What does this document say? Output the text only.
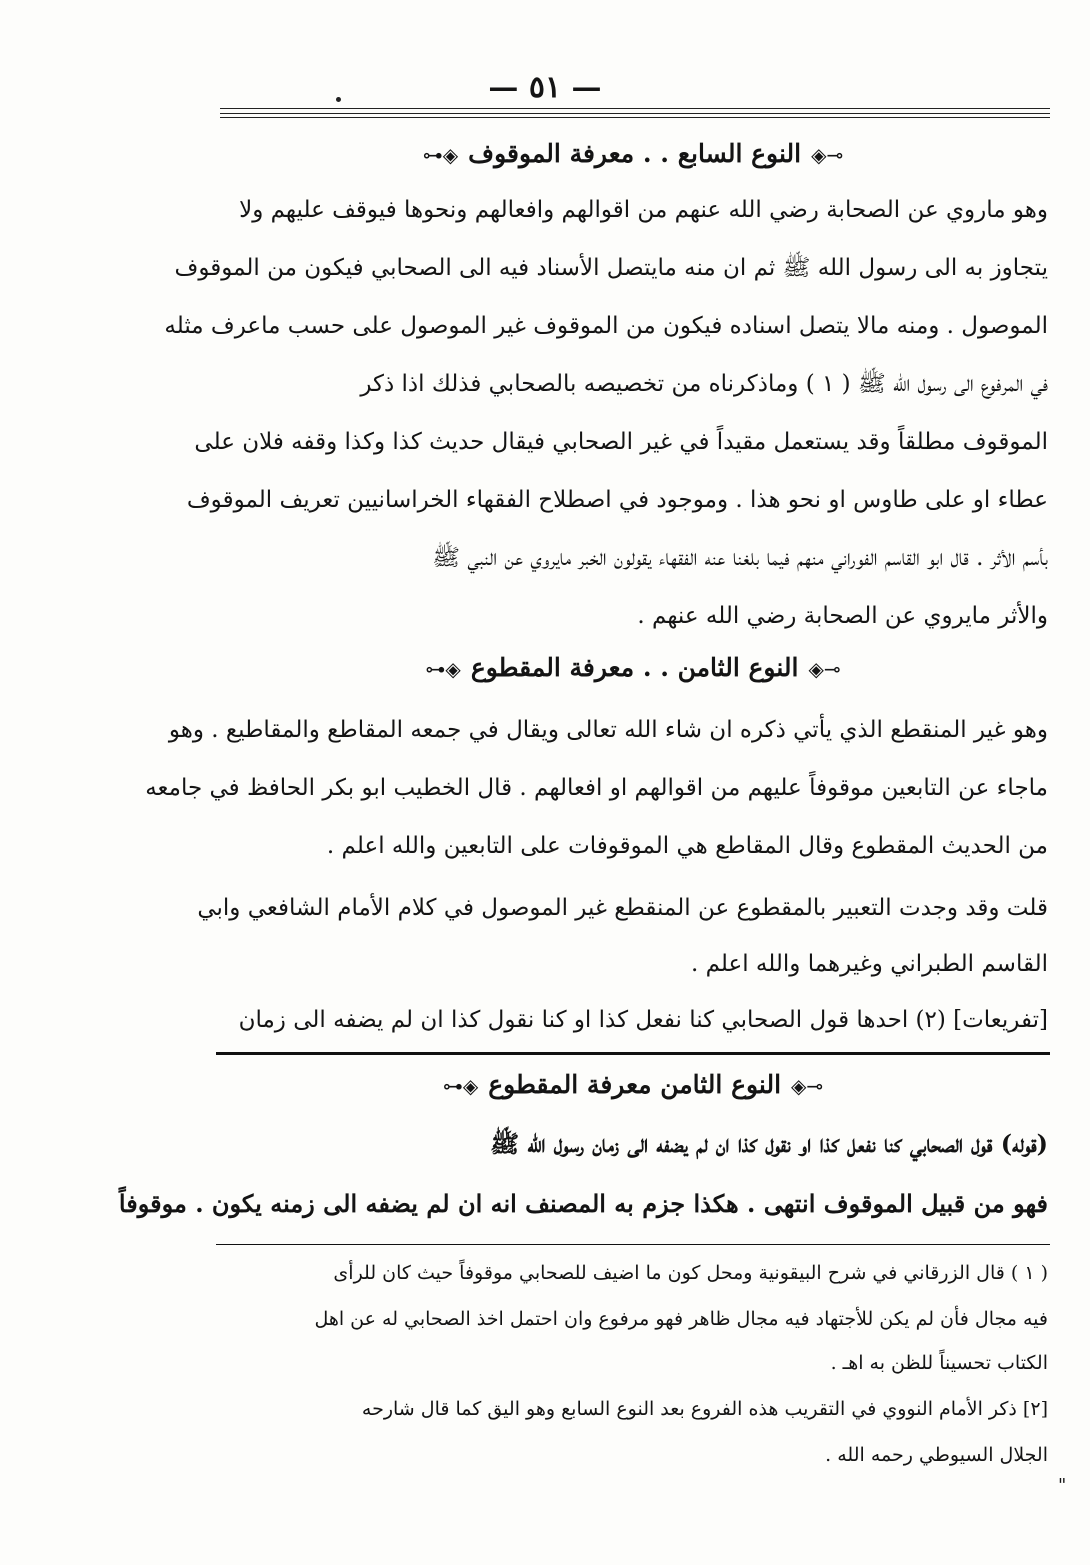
— ٥١ —
⊸◈النوع السابع . . معرفة الموقوف◈⊷
وهو ماروي عن الصحابة رضي الله عنهم من اقوالهم وافعالهم ونحوها فيوقف عليهم ولا
يتجاوز به الى رسول الله ﷺ ثم ان منه مايتصل الأسناد فيه الى الصحابي فيكون من الموقوف
الموصول . ومنه مالا يتصل اسناده فيكون من الموقوف غير الموصول على حسب ماعرف مثله
في المرفوع الى رسول الله ﷺ ( ١ ) وماذكرناه من تخصيصه بالصحابي فذلك اذا ذكر
الموقوف مطلقاً وقد يستعمل مقيداً في غير الصحابي فيقال حديث كذا وكذا وقفه فلان على
عطاء او على طاوس او نحو هذا . وموجود في اصطلاح الفقهاء الخراسانيين تعريف الموقوف
بأسم الأثر . قال ابو القاسم الفوراني منهم فيما بلغنا عنه الفقهاء يقولون الخبر مايروي عن النبي ﷺ
والأثر مايروي عن الصحابة رضي الله عنهم .
⊸◈النوع الثامن . . معرفة المقطوع◈⊷
وهو غير المنقطع الذي يأتي ذكره ان شاء الله تعالى ويقال في جمعه المقاطع والمقاطيع . وهو
ماجاء عن التابعين موقوفاً عليهم من اقوالهم او افعالهم . قال الخطيب ابو بكر الحافظ في جامعه
من الحديث المقطوع وقال المقاطع هي الموقوفات على التابعين والله اعلم .
قلت وقد وجدت التعبير بالمقطوع عن المنقطع غير الموصول في كلام الأمام الشافعي وابي
القاسم الطبراني وغيرهما والله اعلم .
[تفريعات] (٢) احدها قول الصحابي كنا نفعل كذا او كنا نقول كذا ان لم يضفه الى زمان
⊸◈النوع الثامن معرفة المقطوع◈⊷
(قوله) قول الصحابي كنا نفعل كذا او نقول كذا ان لم يضفه الى زمان رسول الله ﷺ
فهو من قبيل الموقوف انتهى . هكذا جزم به المصنف انه ان لم يضفه الى زمنه يكون . موقوفاً
( ١ ) قال الزرقاني في شرح البيقونية ومحل كون ما اضيف للصحابي موقوفاً حيث كان للرأى
فيه مجال فأن لم يكن للأجتهاد فيه مجال ظاهر فهو مرفوع وان احتمل اخذ الصحابي له عن اهل
الكتاب تحسيناً للظن به اهـ .
[٢] ذكر الأمام النووي في التقريب هذه الفروع بعد النوع السابع وهو اليق كما قال شارحه
الجلال السيوطي رحمه الله .
"
